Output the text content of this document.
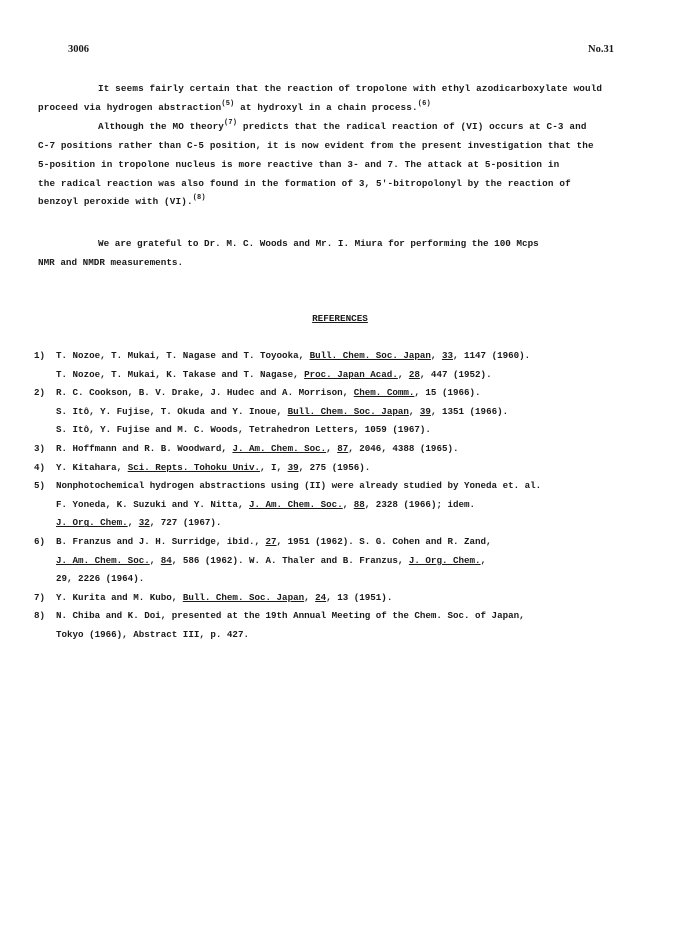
3006	No.31
It seems fairly certain that the reaction of tropolone with ethyl azodicarboxylate would
proceed via hydrogen abstraction$^{(5)}$ at hydroxyl in a chain process.$^{(6)}$
Although the MO theory$^{(7)}$ predicts that the radical reaction of (VI) occurs at C-3 and
C-7 positions rather than C-5 position, it is now evident from the present investigation that the
5-position in tropolone nucleus is more reactive than 3- and 7. The attack at 5-position in
the radical reaction was also found in the formation of 3, 5'-bitropolonyl by the reaction of
benzoyl peroxide with (VI).$^{(8)}$
We are grateful to Dr. M. C. Woods and Mr. I. Miura for performing the 100 Mcps
NMR and NMDR measurements.
REFERENCES
1) T. Nozoe, T. Mukai, T. Nagase and T. Toyooka, Bull. Chem. Soc. Japan, 33, 1147 (1960).
T. Nozoe, T. Mukai, K. Takase and T. Nagase, Proc. Japan Acad., 28, 447 (1952).
2) R. C. Cookson, B. V. Drake, J. Hudec and A. Morrison, Chem. Comm., 15 (1966).
S. Itô, Y. Fujise, T. Okuda and Y. Inoue, Bull. Chem. Soc. Japan, 39, 1351 (1966).
S. Itô, Y. Fujise and M. C. Woods, Tetrahedron Letters, 1059 (1967).
3) R. Hoffmann and R. B. Woodward, J. Am. Chem. Soc., 87, 2046, 4388 (1965).
4) Y. Kitahara, Sci. Repts. Tohoku Univ., I, 39, 275 (1956).
5) Nonphotochemical hydrogen abstractions using (II) were already studied by Yoneda et. al.
F. Yoneda, K. Suzuki and Y. Nitta, J. Am. Chem. Soc., 88, 2328 (1966); idem.
J. Org. Chem., 32, 727 (1967).
6) B. Franzus and J. H. Surridge, ibid., 27, 1951 (1962). S. G. Cohen and R. Zand,
J. Am. Chem. Soc., 84, 586 (1962). W. A. Thaler and B. Franzus, J. Org. Chem.,
29, 2226 (1964).
7) Y. Kurita and M. Kubo, Bull. Chem. Soc. Japan, 24, 13 (1951).
8) N. Chiba and K. Doi, presented at the 19th Annual Meeting of the Chem. Soc. of Japan,
Tokyo (1966), Abstract III, p. 427.
